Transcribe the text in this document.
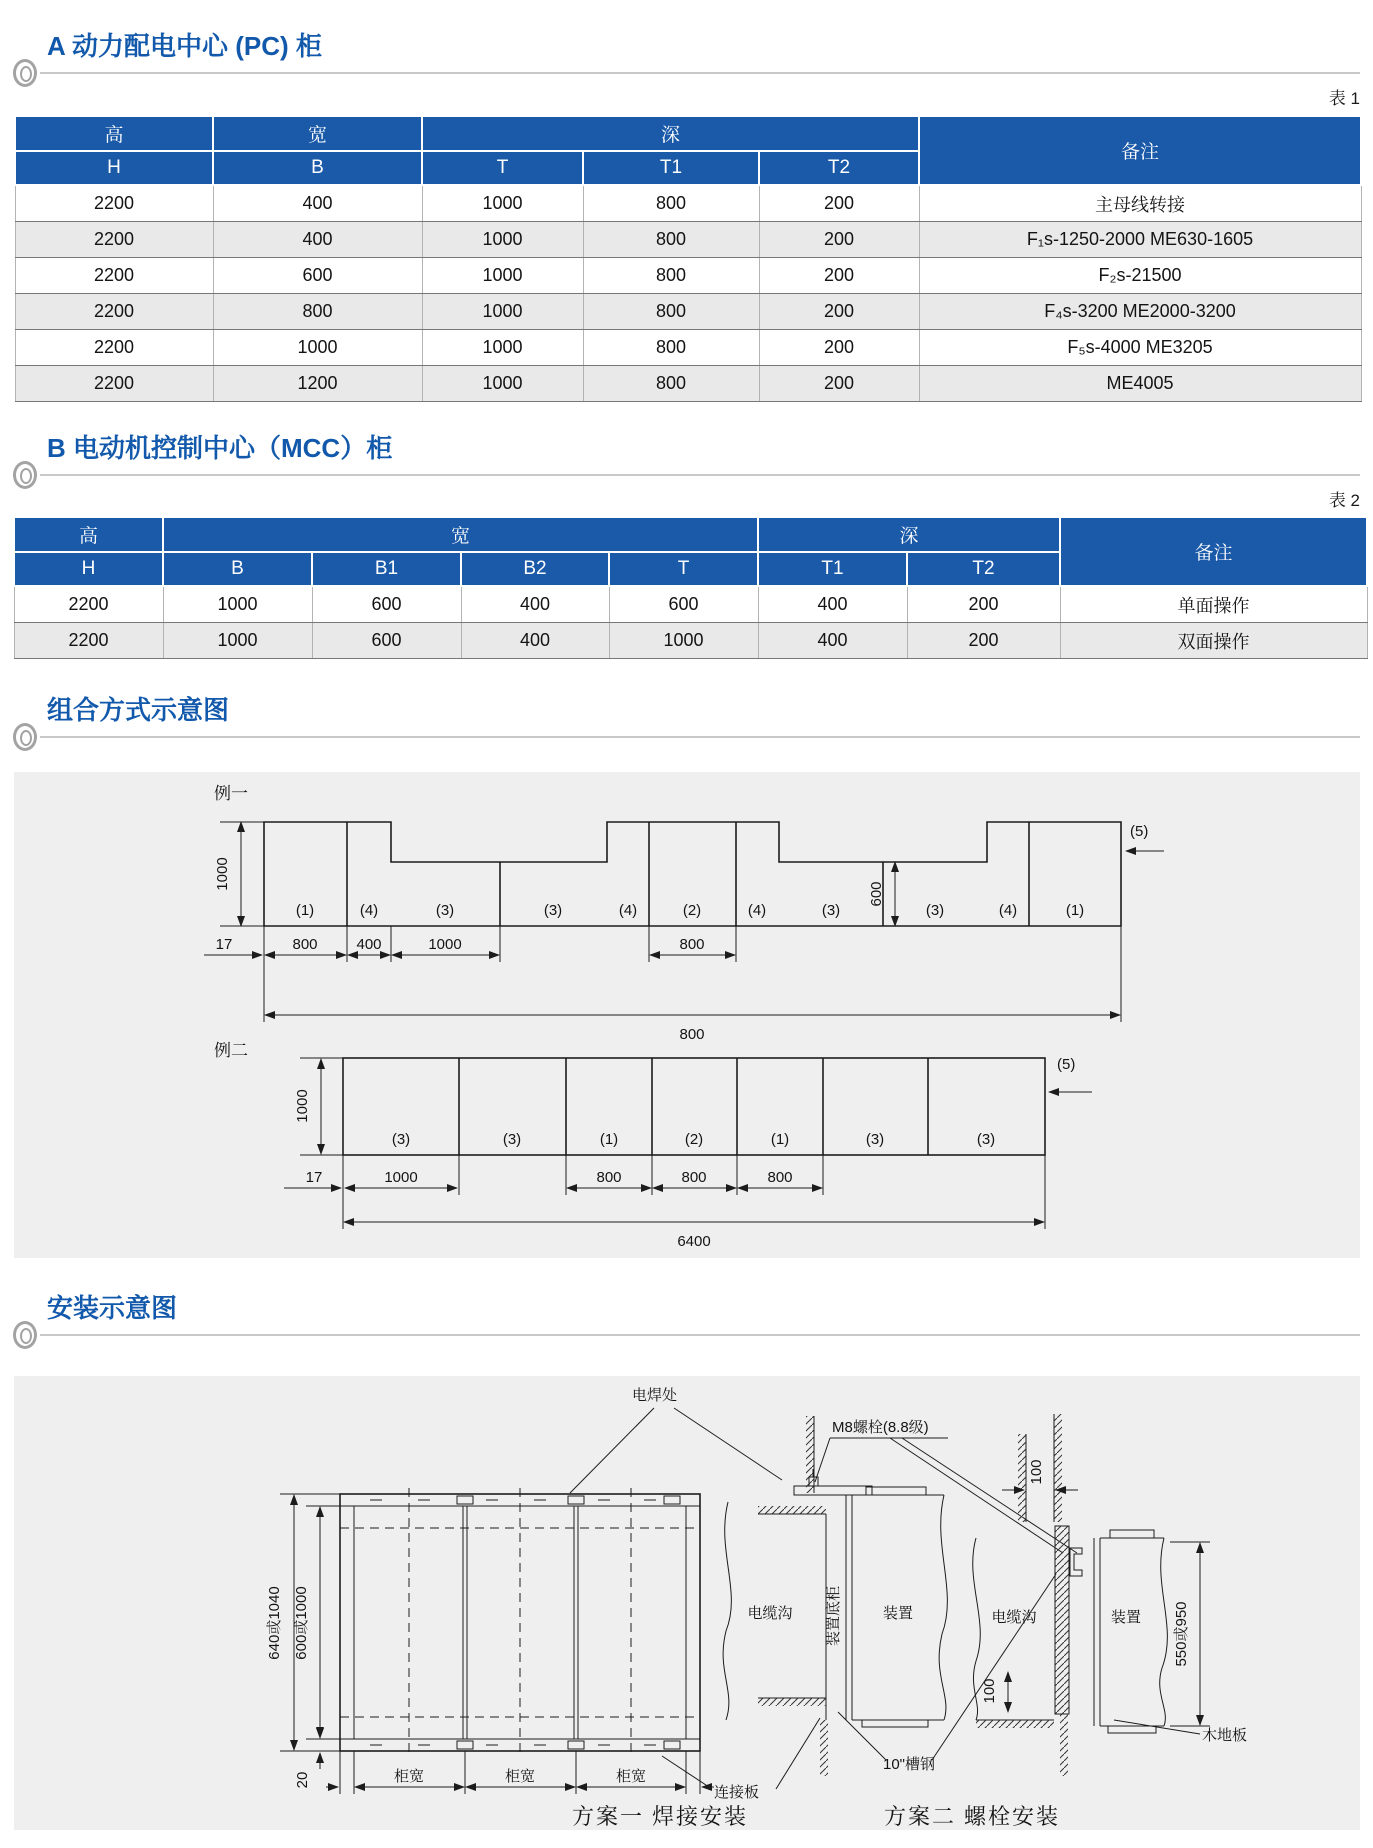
A 动力配电中心 (PC) 柜
表 1
高	宽	深			备注
H	B	T	T1	T2	
2200	400	1000	800	200	主母线转接
2200	400	1000	800	200	F₁s-1250-2000 ME630-1605
2200	600	1000	800	200	F₂s-21500
2200	800	1000	800	200	F₄s-3200 ME2000-3200
2200	1000	1000	800	200	F₅s-4000 ME3205
2200	1200	1000	800	200	ME4005
B 电动机控制中心（MCC）柜
表 2
高	宽				深		备注
H	B	B1	B2	T	T1	T2	
2200	1000	600	400	600	400	200	单面操作
2200	1000	600	400	1000	400	200	双面操作
组合方式示意图
例一
(1)	(4)	(3)	(3)	(4)	(2)	(4)	(3)	(3)	(4)	(1)
1000
600
17	800	400	1000	800
800
(5)
例二
(3)	(3)	(1)	(2)	(1)	(3)	(3)
1000
(5)
17	1000	800	800	800
6400
安装示意图
640或1040 600或1000
20	柜宽	柜宽	柜宽
电焊处
电缆沟 装置底柜	装置
M8螺栓(8.8级)
100
100
电缆沟	装置 550或950
木地板
10"槽钢
连接板
方案一 焊接安装	方案二 螺栓安装
